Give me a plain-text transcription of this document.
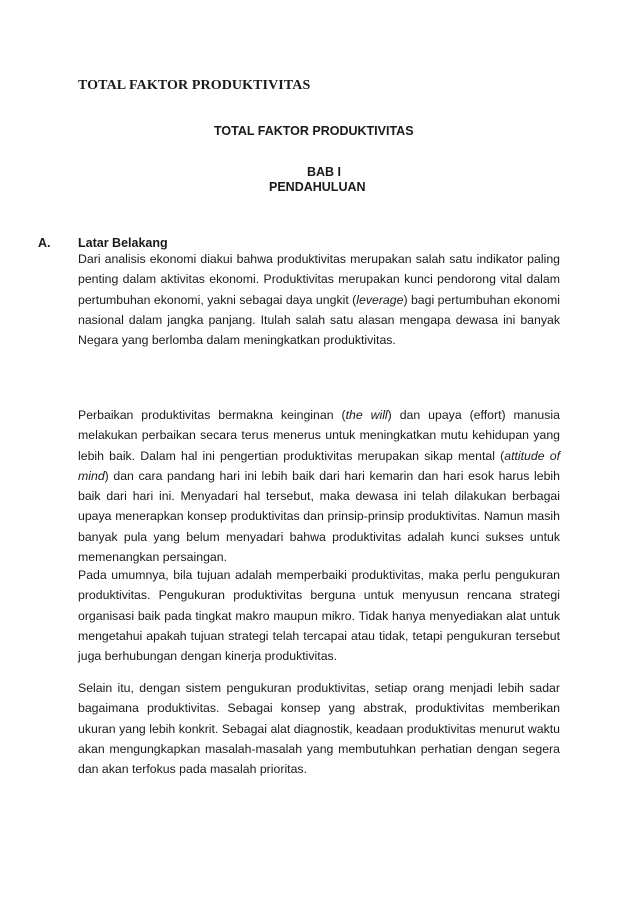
TOTAL FAKTOR PRODUKTIVITAS
TOTAL FAKTOR PRODUKTIVITAS
BAB I
PENDAHULUAN
A. Latar Belakang

Dari analisis ekonomi diakui bahwa produktivitas merupakan salah satu indikator paling penting dalam aktivitas ekonomi. Produktivitas merupakan kunci pendorong vital dalam pertumbuhan ekonomi, yakni sebagai daya ungkit (leverage) bagi pertumbuhan ekonomi nasional dalam jangka panjang. Itulah salah satu alasan mengapa dewasa ini banyak Negara yang berlomba dalam meningkatkan produktivitas.

Perbaikan produktivitas bermakna keinginan (the will) dan upaya (effort) manusia melakukan perbaikan secara terus menerus untuk meningkatkan mutu kehidupan yang lebih baik. Dalam hal ini pengertian produktivitas merupakan sikap mental (attitude of mind) dan cara pandang hari ini lebih baik dari hari kemarin dan hari esok harus lebih baik dari hari ini. Menyadari hal tersebut, maka dewasa ini telah dilakukan berbagai upaya menerapkan konsep produktivitas dan prinsip-prinsip produktivitas. Namun masih banyak pula yang belum menyadari bahwa produktivitas adalah kunci sukses untuk memenangkan persaingan.

Pada umumnya, bila tujuan adalah memperbaiki produktivitas, maka perlu pengukuran produktivitas. Pengukuran produktivitas berguna untuk menyusun rencana strategi organisasi baik pada tingkat makro maupun mikro. Tidak hanya menyediakan alat untuk mengetahui apakah tujuan strategi telah tercapai atau tidak, tetapi pengukuran tersebut juga berhubungan dengan kinerja produktivitas.

Selain itu, dengan sistem pengukuran produktivitas, setiap orang menjadi lebih sadar bagaimana produktivitas. Sebagai konsep yang abstrak, produktivitas memberikan ukuran yang lebih konkrit. Sebagai alat diagnostik, keadaan produktivitas menurut waktu akan mengungkapkan masalah-masalah yang membutuhkan perhatian dengan segera dan akan terfokus pada masalah prioritas.
